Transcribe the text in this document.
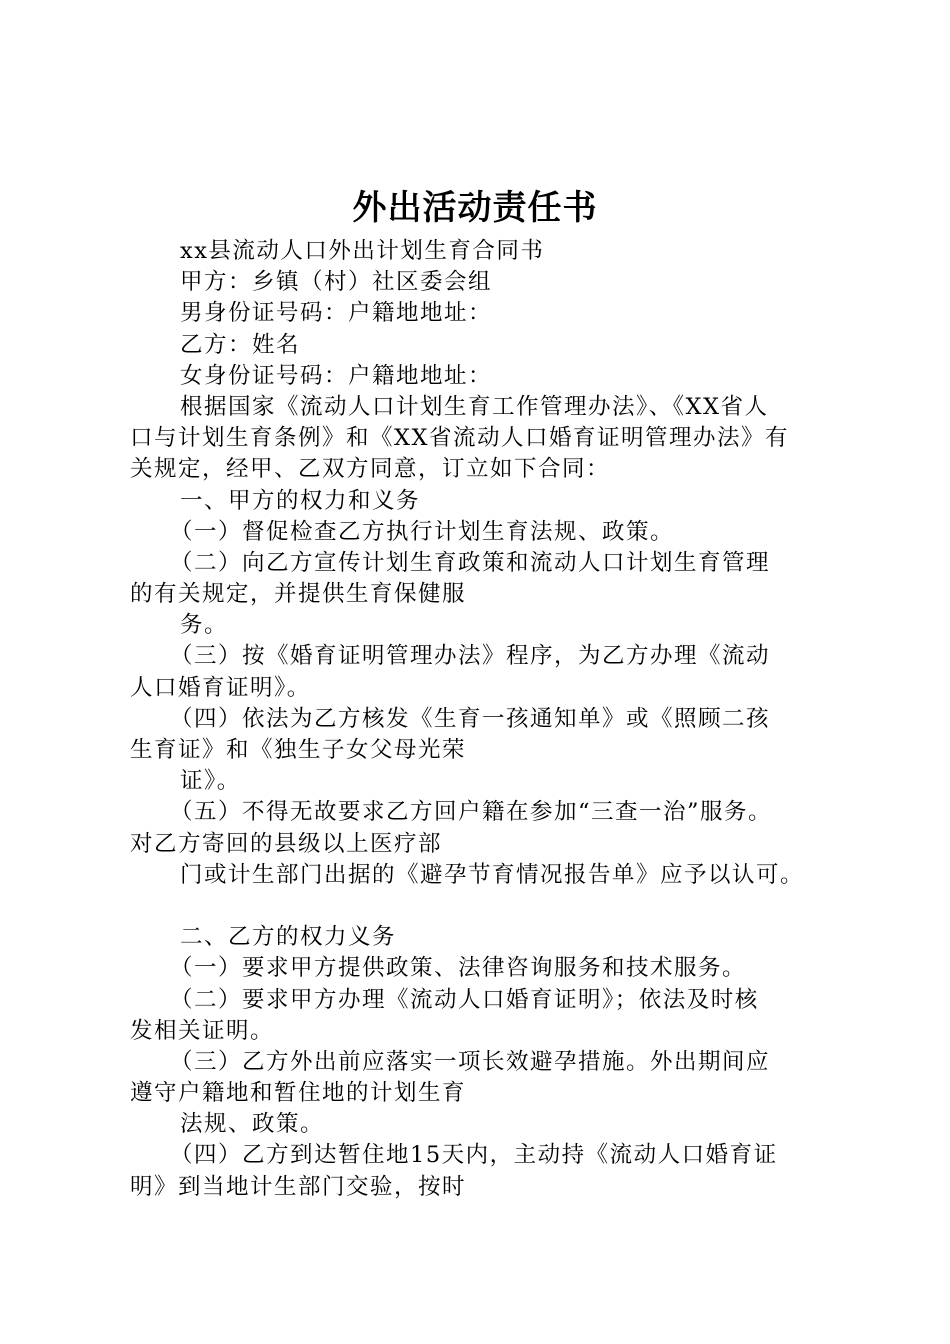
外出活动责任书
xx县流动人口外出计划生育合同书
甲方：乡镇（村）社区委会组
男身份证号码：户籍地地址：
乙方：姓名
女身份证号码：户籍地地址：
根据国家《流动人口计划生育工作管理办法》、《XX省人
口与计划生育条例》和《XX省流动人口婚育证明管理办法》有
关规定，经甲、乙双方同意，订立如下合同：
一、甲方的权力和义务
（一）督促检查乙方执行计划生育法规、政策。
（二）向乙方宣传计划生育政策和流动人口计划生育管理
的有关规定，并提供生育保健服
务。
（三）按《婚育证明管理办法》程序，为乙方办理《流动
人口婚育证明》。
（四）依法为乙方核发《生育一孩通知单》或《照顾二孩
生育证》和《独生子女父母光荣
证》。
（五）不得无故要求乙方回户籍在参加“三查一治”服务。
对乙方寄回的县级以上医疗部
门或计生部门出据的《避孕节育情况报告单》应予以认可。
二、乙方的权力义务
（一）要求甲方提供政策、法律咨询服务和技术服务。
（二）要求甲方办理《流动人口婚育证明》；依法及时核
发相关证明。
（三）乙方外出前应落实一项长效避孕措施。外出期间应
遵守户籍地和暂住地的计划生育
法规、政策。
（四）乙方到达暂住地15天内，主动持《流动人口婚育证
明》到当地计生部门交验，按时
